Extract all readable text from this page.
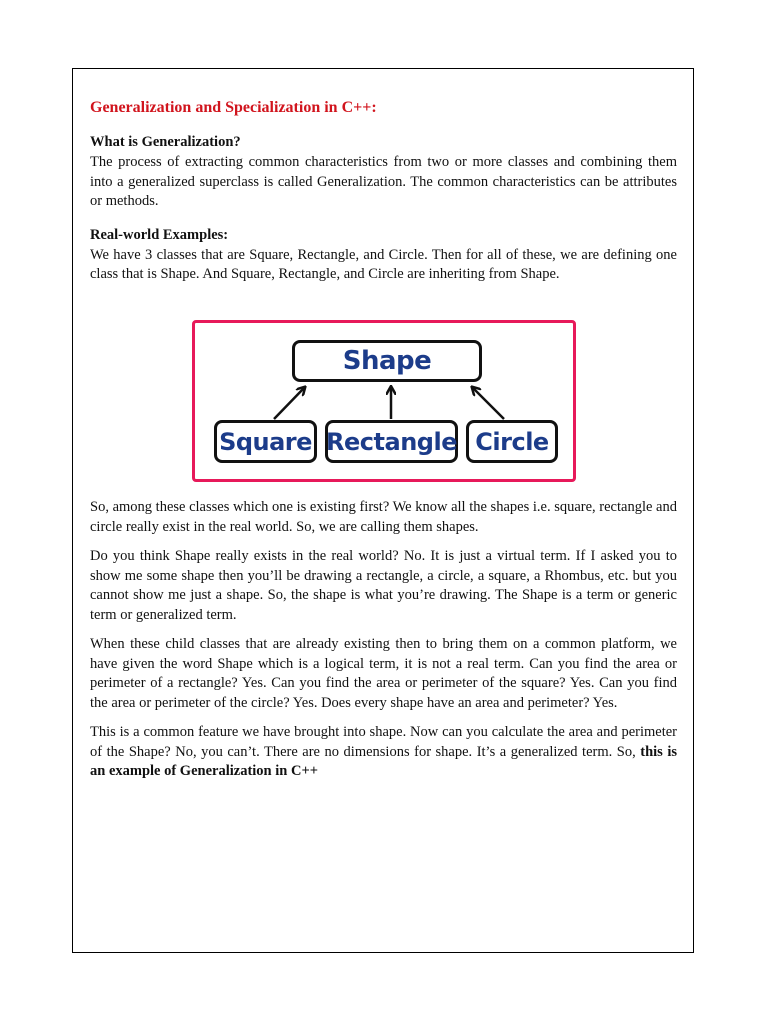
Generalization and Specialization in C++:
What is Generalization?

The process of extracting common characteristics from two or more classes and combining them into a generalized superclass is called Generalization. The common characteristics can be attributes or methods.

Real-world Examples:

We have 3 classes that are Square, Rectangle, and Circle. Then for all of these, we are defining one class that is Shape. And Square, Rectangle, and Circle are inheriting from Shape.

Shape
Square Rectangle Circle

So, among these classes which one is existing first? We know all the shapes i.e. square, rectangle and circle really exist in the real world. So, we are calling them shapes.

Do you think Shape really exists in the real world? No. It is just a virtual term. If I asked you to show me some shape then you’ll be drawing a rectangle, a circle, a square, a Rhombus, etc. but you cannot show me just a shape. So, the shape is what you’re drawing. The Shape is a term or generic term or generalized term.

When these child classes that are already existing then to bring them on a common platform, we have given the word Shape which is a logical term, it is not a real term. Can you find the area or perimeter of a rectangle? Yes. Can you find the area or perimeter of the square? Yes. Can you find the area or perimeter of the circle? Yes. Does every shape have an area and perimeter? Yes.

This is a common feature we have brought into shape. Now can you calculate the area and perimeter of the Shape? No, you can’t. There are no dimensions for shape. It’s a generalized term. So, this is an example of Generalization in C++
